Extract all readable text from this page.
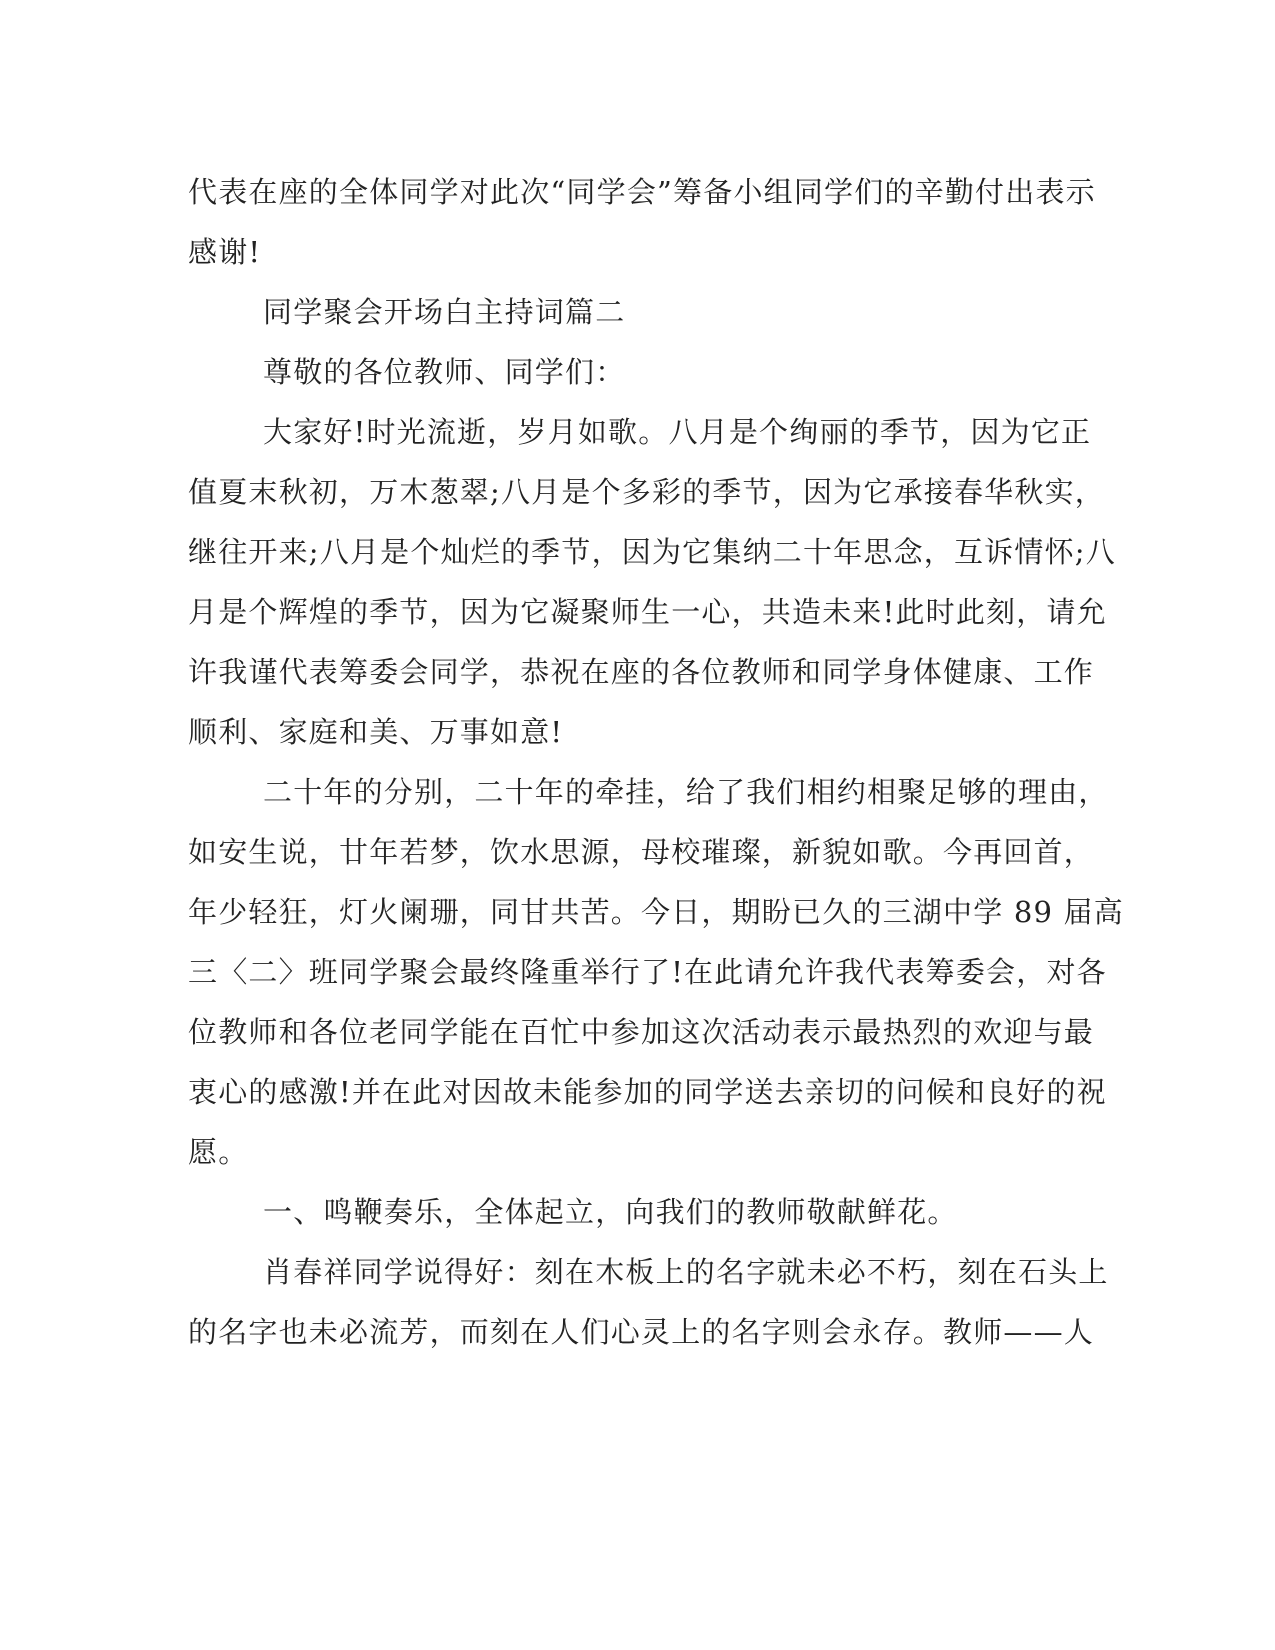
代表在座的全体同学对此次“同学会”筹备小组同学们的辛勤付出表示
感谢!
同学聚会开场白主持词篇二
尊敬的各位教师、同学们：
大家好!时光流逝，岁月如歌。八月是个绚丽的季节，因为它正
值夏末秋初，万木葱翠;八月是个多彩的季节，因为它承接春华秋实，
继往开来;八月是个灿烂的季节，因为它集纳二十年思念，互诉情怀;八
月是个辉煌的季节，因为它凝聚师生一心，共造未来!此时此刻，请允
许我谨代表筹委会同学，恭祝在座的各位教师和同学身体健康、工作
顺利、家庭和美、万事如意!
二十年的分别，二十年的牵挂，给了我们相约相聚足够的理由，
如安生说，廿年若梦，饮水思源，母校璀璨，新貌如歌。今再回首，
年少轻狂，灯火阑珊，同甘共苦。今日，期盼已久的三湖中学 89 届高
三〈二〉班同学聚会最终隆重举行了!在此请允许我代表筹委会，对各
位教师和各位老同学能在百忙中参加这次活动表示最热烈的欢迎与最
衷心的感激!并在此对因故未能参加的同学送去亲切的问候和良好的祝
愿。
一、鸣鞭奏乐，全体起立，向我们的教师敬献鲜花。
肖春祥同学说得好：刻在木板上的名字就未必不朽，刻在石头上
的名字也未必流芳，而刻在人们心灵上的名字则会永存。教师——人
